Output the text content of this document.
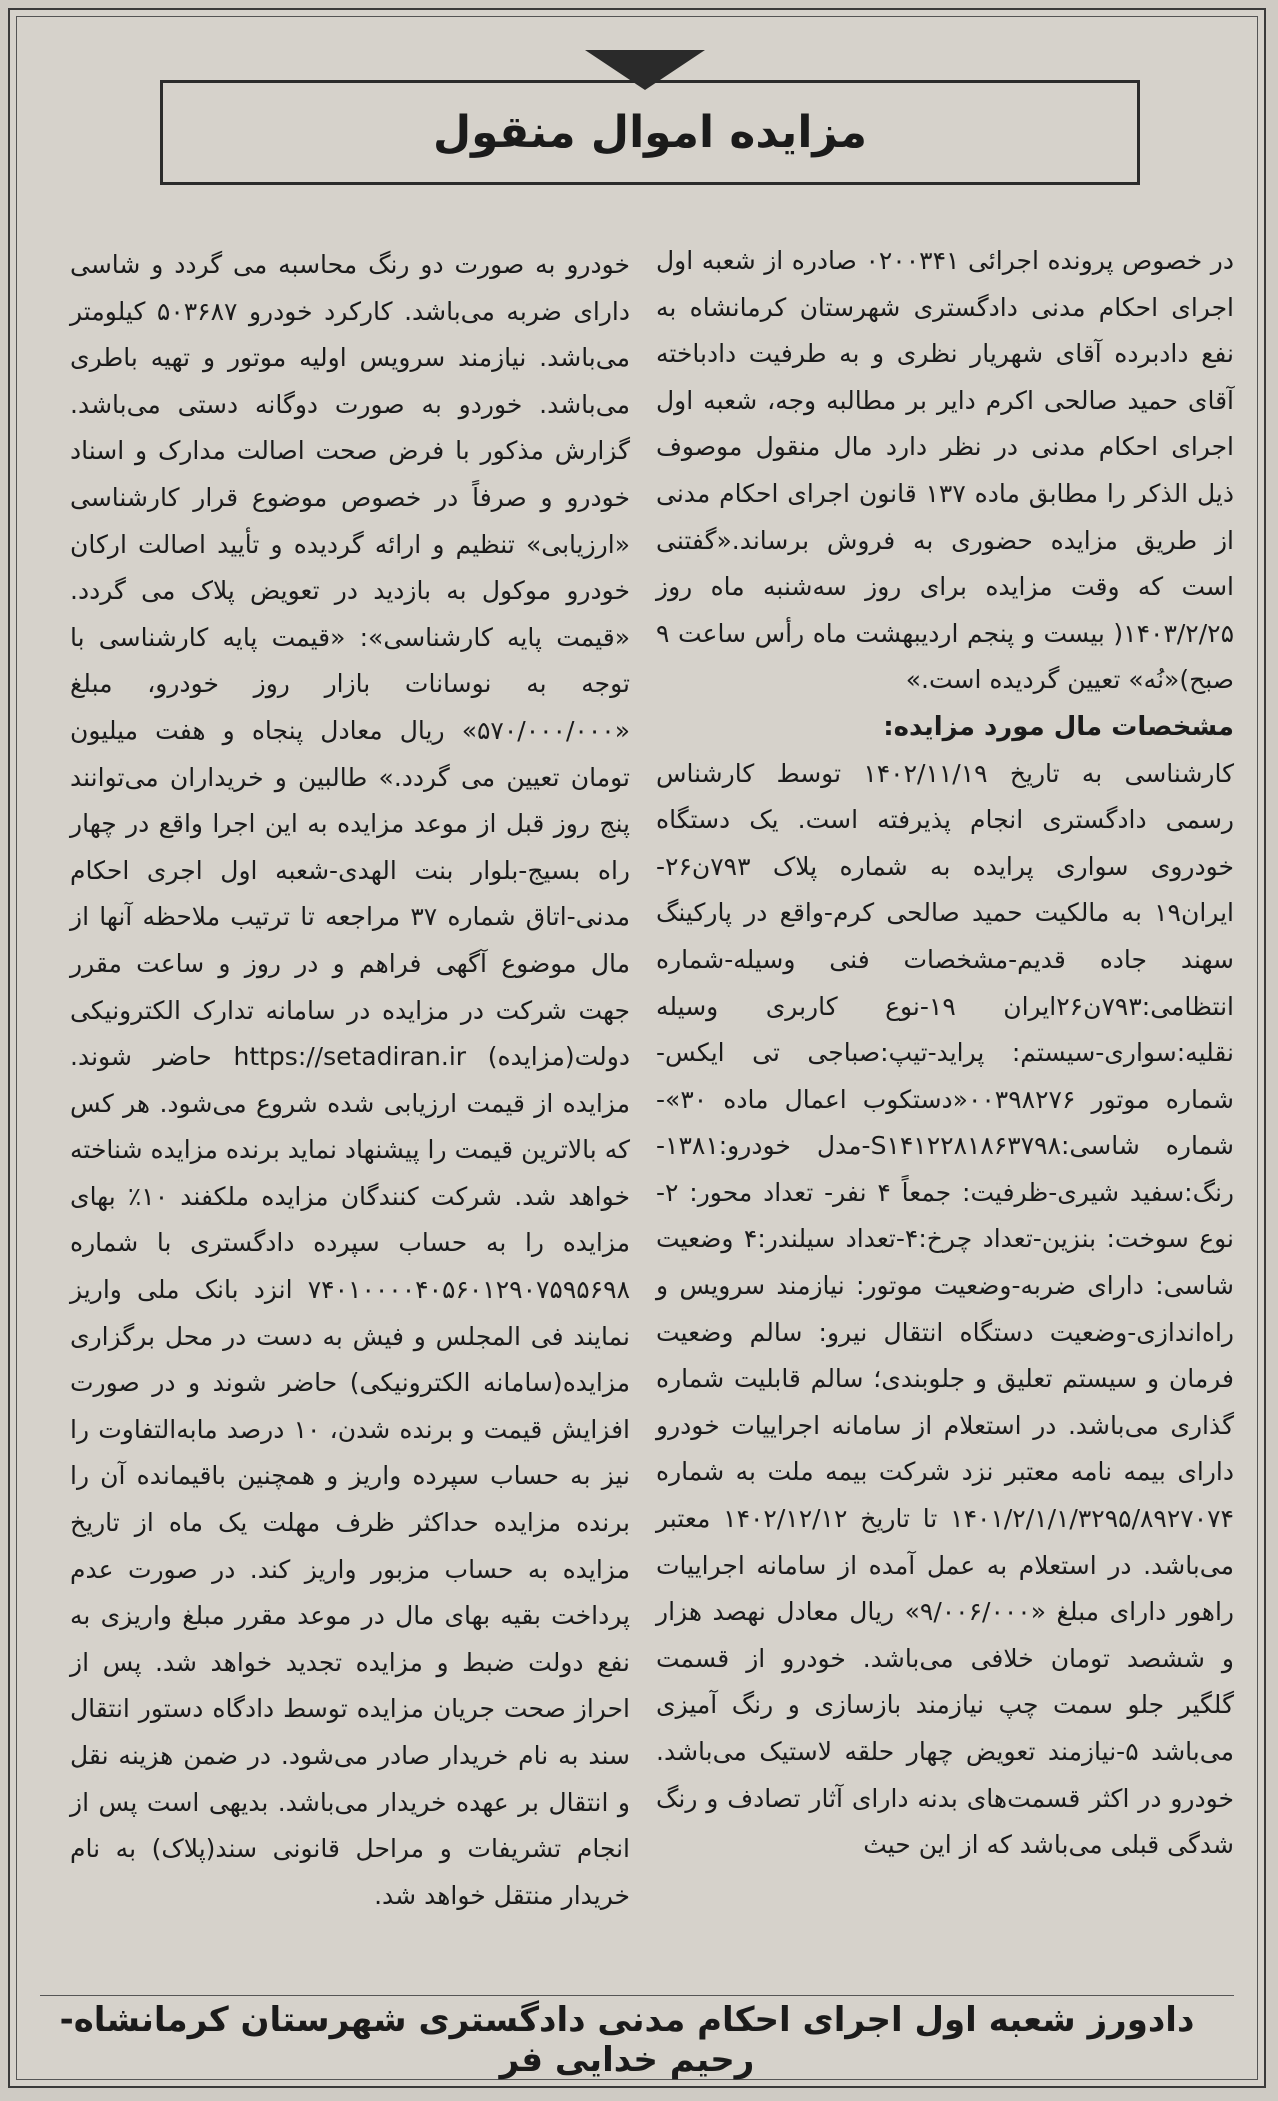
مزایده اموال منقول

در خصوص پرونده اجرائی ۰۲۰۰۳۴۱ صادره از شعبه اول اجرای احکام مدنی دادگستری شهرستان کرمانشاه به نفع دادبرده آقای شهریار نظری و به طرفیت دادباخته آقای حمید صالحی اکرم دایر بر مطالبه وجه، شعبه اول اجرای احکام مدنی در نظر دارد مال منقول موصوف ذیل الذکر را مطابق ماده ۱۳۷ قانون اجرای احکام مدنی از طریق مزایده حضوری به فروش برساند.«گفتنی است که وقت مزایده برای روز سه‌شنبه ماه روز ۱۴۰۳/۲/۲۵( بیست و پنجم اردیبهشت ماه رأس ساعت ۹ صبح)«نُه» تعیین گردیده است.»

مشخصات مال مورد مزایده:

کارشناسی به تاریخ ۱۴۰۲/۱۱/۱۹ توسط کارشناس رسمی دادگستری انجام پذیرفته است. یک دستگاه خودروی سواری پرایده به شماره پلاک ۷۹۳ن۲۶- ایران۱۹ به مالکیت حمید صالحی کرم-واقع در پارکینگ سهند جاده قدیم-مشخصات فنی وسیله-شماره انتظامی:۷۹۳ن۲۶ایران ۱۹-نوع کاربری وسیله نقلیه:سواری-سیستم: پراید-تیپ:صباجی تی ایکس- شماره موتور ۰۰۳۹۸۲۷۶«دستکوب اعمال ماده ۳۰»-شماره شاسی:S۱۴۱۲۲۸۱۸۶۳۷۹۸-مدل خودرو:۱۳۸۱-رنگ:سفید شیری-ظرفیت: جمعاً ۴ نفر- تعداد محور: ۲-نوع سوخت: بنزین-تعداد چرخ:۴-تعداد سیلندر:۴ وضعیت شاسی: دارای ضربه-وضعیت موتور: نیازمند سرویس و راه‌اندازی-وضعیت دستگاه انتقال نیرو: سالم وضعیت فرمان و سیستم تعلیق و جلوبندی؛ سالم قابلیت شماره گذاری می‌باشد. در استعلام از سامانه اجراییات خودرو دارای بیمه نامه معتبر نزد شرکت بیمه ملت به شماره ۱۴۰۱/۲/۱/۱/۳۲۹۵/۸۹۲۷۰۷۴ تا تاریخ ۱۴۰۲/۱۲/۱۲ معتبر می‌باشد. در استعلام به عمل آمده از سامانه اجراییات راهور دارای مبلغ «۹/۰۰۶/۰۰۰» ریال معادل نهصد هزار و ششصد تومان خلافی می‌باشد. خودرو از قسمت گلگیر جلو سمت چپ نیازمند بازسازی و رنگ آمیزی می‌باشد ۵-نیازمند تعویض چهار حلقه لاستیک می‌باشد. خودرو در اکثر قسمت‌های بدنه دارای آثار تصادف و رنگ شدگی قبلی می‌باشد که از این حیث

خودرو به صورت دو رنگ محاسبه می گردد و شاسی دارای ضربه می‌باشد. کارکرد خودرو ۵۰۳۶۸۷ کیلومتر می‌باشد. نیازمند سرویس اولیه موتور و تهیه باطری می‌باشد. خوردو به صورت دوگانه دستی می‌باشد. گزارش مذکور با فرض صحت اصالت مدارک و اسناد خودرو و صرفاً در خصوص موضوع قرار کارشناسی «ارزیابی» تنظیم و ارائه گردیده و تأیید اصالت ارکان خودرو موکول به بازدید در تعویض پلاک می گردد. «قیمت پایه کارشناسی»: «قیمت پایه کارشناسی با توجه به نوسانات بازار روز خودرو، مبلغ «۵۷۰/۰۰۰/۰۰۰» ریال معادل پنجاه و هفت میلیون تومان تعیین می گردد.» طالبین و خریداران می‌توانند پنج روز قبل از موعد مزایده به این اجرا واقع در چهار راه بسیج-بلوار بنت الهدی-شعبه اول اجری احکام مدنی-اتاق شماره ۳۷ مراجعه تا ترتیب ملاحظه آنها از مال موضوع آگهی فراهم و در روز و ساعت مقرر جهت شرکت در مزایده در سامانه تدارک الکترونیکی دولت(مزایده) https://setadiran.ir حاضر شوند. مزایده از قیمت ارزیابی شده شروع می‌شود. هر کس که بالاترین قیمت را پیشنهاد نماید برنده مزایده شناخته خواهد شد. شرکت کنندگان مزایده ملکفند ۱۰٪ بهای مزایده را به حساب سپرده دادگستری با شماره ۷۴۰۱۰۰۰۰۴۰۵۶۰۱۲۹۰۷۵۹۵۶۹۸ انزد بانک ملی واریز نمایند فی المجلس و فیش به دست در محل برگزاری مزایده(سامانه الکترونیکی) حاضر شوند و در صورت افزایش قیمت و برنده شدن، ۱۰ درصد مابه‌التفاوت را نیز به حساب سپرده واریز و همچنین باقیمانده آن را برنده مزایده حداکثر ظرف مهلت یک ماه از تاریخ مزایده به حساب مزبور واریز کند. در صورت عدم پرداخت بقیه بهای مال در موعد مقرر مبلغ واریزی به نفع دولت ضبط و مزایده تجدید خواهد شد. پس از احراز صحت جریان مزایده توسط دادگاه دستور انتقال سند به نام خریدار صادر می‌شود. در ضمن هزینه نقل و انتقال بر عهده خریدار می‌باشد. بدیهی است پس از انجام تشریفات و مراحل قانونی سند(پلاک) به نام خریدار منتقل خواهد شد.

دادورز شعبه اول اجرای احکام مدنی دادگستری شهرستان کرمانشاه- رحیم خدایی فر
